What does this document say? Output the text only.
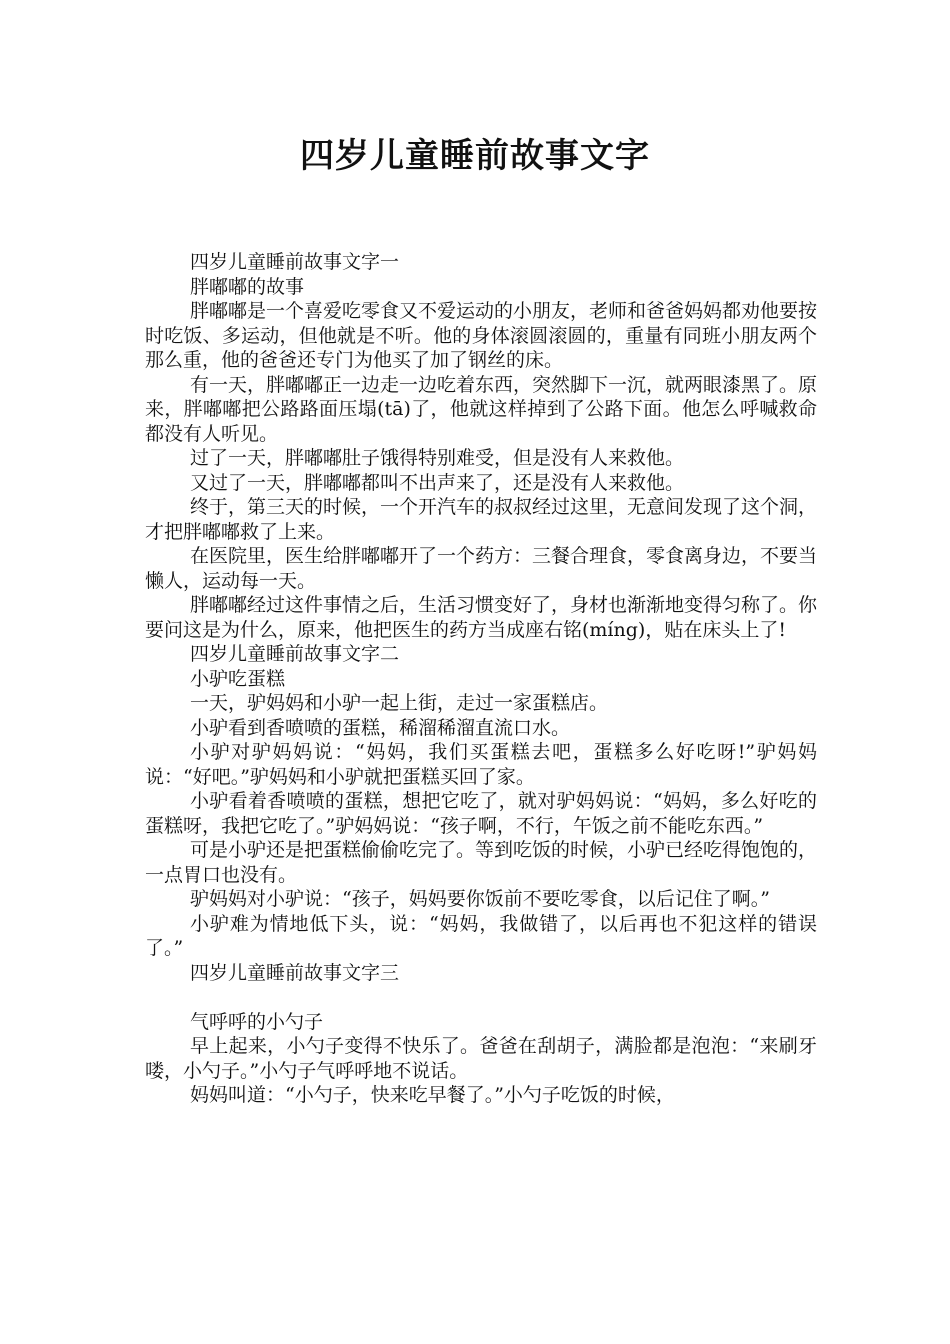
四岁儿童睡前故事文字

四岁儿童睡前故事文字一

胖嘟嘟的故事

胖嘟嘟是一个喜爱吃零食又不爱运动的小朋友，老师和爸爸妈妈都劝他要按时吃饭、多运动，但他就是不听。他的身体滚圆滚圆的，重量有同班小朋友两个那么重，他的爸爸还专门为他买了加了钢丝的床。

有一天，胖嘟嘟正一边走一边吃着东西，突然脚下一沉，就两眼漆黑了。原来，胖嘟嘟把公路路面压塌(tā)了，他就这样掉到了公路下面。他怎么呼喊救命都没有人听见。

过了一天，胖嘟嘟肚子饿得特别难受，但是没有人来救他。

又过了一天，胖嘟嘟都叫不出声来了，还是没有人来救他。

终于，第三天的时候，一个开汽车的叔叔经过这里，无意间发现了这个洞，才把胖嘟嘟救了上来。

在医院里，医生给胖嘟嘟开了一个药方：三餐合理食，零食离身边，不要当懒人，运动每一天。

胖嘟嘟经过这件事情之后，生活习惯变好了，身材也渐渐地变得匀称了。你要问这是为什么，原来，他把医生的药方当成座右铭(míng)，贴在床头上了!

四岁儿童睡前故事文字二

小驴吃蛋糕

一天，驴妈妈和小驴一起上街，走过一家蛋糕店。

小驴看到香喷喷的蛋糕，稀溜稀溜直流口水。

小驴对驴妈妈说：“妈妈，我们买蛋糕去吧，蛋糕多么好吃呀!”驴妈妈说：“好吧。”驴妈妈和小驴就把蛋糕买回了家。

小驴看着香喷喷的蛋糕，想把它吃了，就对驴妈妈说：“妈妈，多么好吃的蛋糕呀，我把它吃了。”驴妈妈说：“孩子啊，不行，午饭之前不能吃东西。”

可是小驴还是把蛋糕偷偷吃完了。等到吃饭的时候，小驴已经吃得饱饱的，一点胃口也没有。

驴妈妈对小驴说：“孩子，妈妈要你饭前不要吃零食，以后记住了啊。”

小驴难为情地低下头，说：“妈妈，我做错了，以后再也不犯这样的错误了。”

四岁儿童睡前故事文字三

气呼呼的小勺子

早上起来，小勺子变得不快乐了。爸爸在刮胡子，满脸都是泡泡：“来刷牙喽，小勺子。”小勺子气呼呼地不说话。

妈妈叫道：“小勺子，快来吃早餐了。”小勺子吃饭的时候，
